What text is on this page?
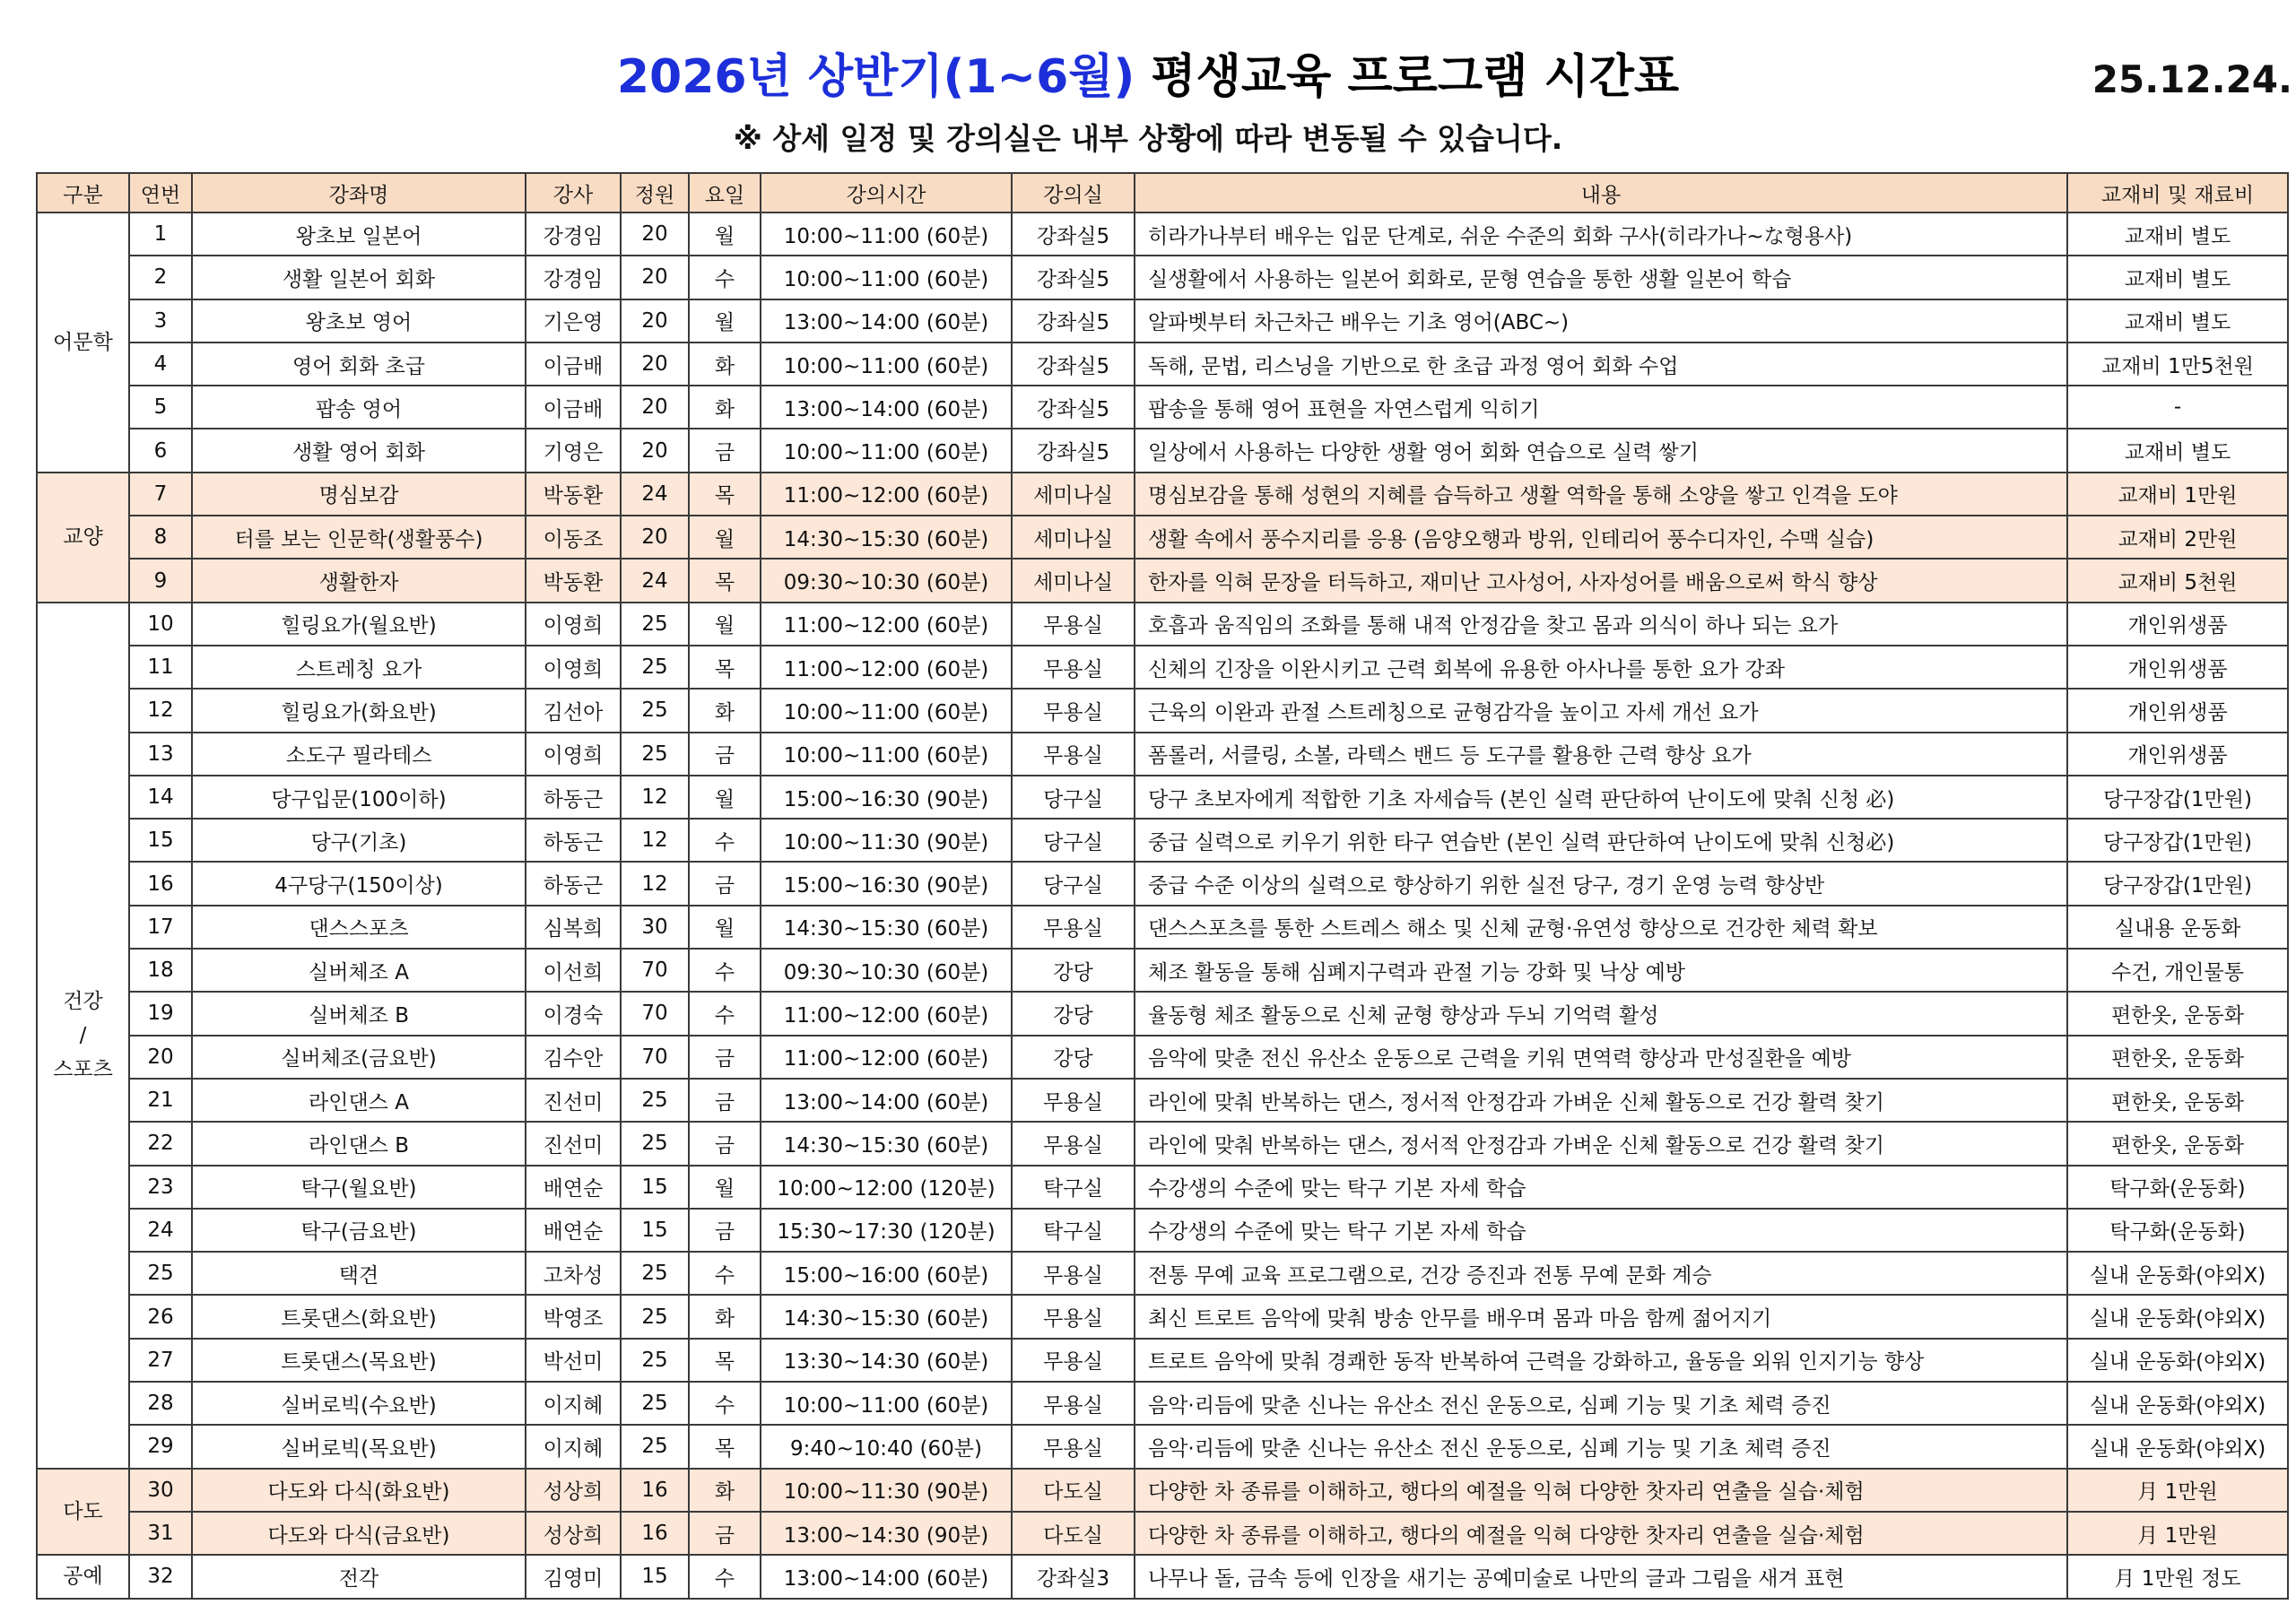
2026년 상반기(1~6월) 평생교육 프로그램 시간표	25.12.24.
※ 상세 일정 및 강의실은 내부 상황에 따라 변동될 수 있습니다.
구분	연번	강좌명	강사	정원	요일	강의시간	강의실	내용	교재비 및 재료비
어문학	1	왕초보 일본어	강경임	20	월	10:00~11:00 (60분)	강좌실5	히라가나부터 배우는 입문 단계로, 쉬운 수준의 회화 구사(히라가나~な형용사)	교재비 별도
	2	생활 일본어 회화	강경임	20	수	10:00~11:00 (60분)	강좌실5	실생활에서 사용하는 일본어 회화로, 문형 연습을 통한 생활 일본어 학습	교재비 별도
	3	왕초보 영어	기은영	20	월	13:00~14:00 (60분)	강좌실5	알파벳부터 차근차근 배우는 기초 영어(ABC~)	교재비 별도
	4	영어 회화 초급	이금배	20	화	10:00~11:00 (60분)	강좌실5	독해, 문법, 리스닝을 기반으로 한 초급 과정 영어 회화 수업	교재비 1만5천원
	5	팝송 영어	이금배	20	화	13:00~14:00 (60분)	강좌실5	팝송을 통해 영어 표현을 자연스럽게 익히기	-
	6	생활 영어 회화	기영은	20	금	10:00~11:00 (60분)	강좌실5	일상에서 사용하는 다양한 생활 영어 회화 연습으로 실력 쌓기	교재비 별도
교양	7	명심보감	박동환	24	목	11:00~12:00 (60분)	세미나실	명심보감을 통해 성현의 지혜를 습득하고 생활 역학을 통해 소양을 쌓고 인격을 도야	교재비 1만원
	8	터를 보는 인문학(생활풍수)	이동조	20	월	14:30~15:30 (60분)	세미나실	생활 속에서 풍수지리를 응용 (음양오행과 방위, 인테리어 풍수디자인, 수맥 실습)	교재비 2만원
	9	생활한자	박동환	24	목	09:30~10:30 (60분)	세미나실	한자를 익혀 문장을 터득하고, 재미난 고사성어, 사자성어를 배움으로써 학식 향상	교재비 5천원
건강
/
스포츠	10	힐링요가(월요반)	이영희	25	월	11:00~12:00 (60분)	무용실	호흡과 움직임의 조화를 통해 내적 안정감을 찾고 몸과 의식이 하나 되는 요가	개인위생품
	11	스트레칭 요가	이영희	25	목	11:00~12:00 (60분)	무용실	신체의 긴장을 이완시키고 근력 회복에 유용한 아사나를 통한 요가 강좌	개인위생품
	12	힐링요가(화요반)	김선아	25	화	10:00~11:00 (60분)	무용실	근육의 이완과 관절 스트레칭으로 균형감각을 높이고 자세 개선 요가	개인위생품
	13	소도구 필라테스	이영희	25	금	10:00~11:00 (60분)	무용실	폼롤러, 서클링, 소볼, 라텍스 밴드 등 도구를 활용한 근력 향상 요가	개인위생품
	14	당구입문(100이하)	하동근	12	월	15:00~16:30 (90분)	당구실	당구 초보자에게 적합한 기초 자세습득 (본인 실력 판단하여 난이도에 맞춰 신청 必)	당구장갑(1만원)
	15	당구(기초)	하동근	12	수	10:00~11:30 (90분)	당구실	중급 실력으로 키우기 위한 타구 연습반 (본인 실력 판단하여 난이도에 맞춰 신청必)	당구장갑(1만원)
	16	4구당구(150이상)	하동근	12	금	15:00~16:30 (90분)	당구실	중급 수준 이상의 실력으로 향상하기 위한 실전 당구, 경기 운영 능력 향상반	당구장갑(1만원)
	17	댄스스포츠	심복희	30	월	14:30~15:30 (60분)	무용실	댄스스포츠를 통한 스트레스 해소 및 신체 균형·유연성 향상으로 건강한 체력 확보	실내용 운동화
	18	실버체조 A	이선희	70	수	09:30~10:30 (60분)	강당	체조 활동을 통해 심폐지구력과 관절 기능 강화 및 낙상 예방	수건, 개인물통
	19	실버체조 B	이경숙	70	수	11:00~12:00 (60분)	강당	율동형 체조 활동으로 신체 균형 향상과 두뇌 기억력 활성	편한옷, 운동화
	20	실버체조(금요반)	김수안	70	금	11:00~12:00 (60분)	강당	음악에 맞춘 전신 유산소 운동으로 근력을 키워 면역력 향상과 만성질환을 예방	편한옷, 운동화
	21	라인댄스 A	진선미	25	금	13:00~14:00 (60분)	무용실	라인에 맞춰 반복하는 댄스, 정서적 안정감과 가벼운 신체 활동으로 건강 활력 찾기	편한옷, 운동화
	22	라인댄스 B	진선미	25	금	14:30~15:30 (60분)	무용실	라인에 맞춰 반복하는 댄스, 정서적 안정감과 가벼운 신체 활동으로 건강 활력 찾기	편한옷, 운동화
	23	탁구(월요반)	배연순	15	월	10:00~12:00 (120분)	탁구실	수강생의 수준에 맞는 탁구 기본 자세 학습	탁구화(운동화)
	24	탁구(금요반)	배연순	15	금	15:30~17:30 (120분)	탁구실	수강생의 수준에 맞는 탁구 기본 자세 학습	탁구화(운동화)
	25	택견	고차성	25	수	15:00~16:00 (60분)	무용실	전통 무예 교육 프로그램으로, 건강 증진과 전통 무예 문화 계승	실내 운동화(야외X)
	26	트롯댄스(화요반)	박영조	25	화	14:30~15:30 (60분)	무용실	최신 트로트 음악에 맞춰 방송 안무를 배우며 몸과 마음 함께 젊어지기	실내 운동화(야외X)
	27	트롯댄스(목요반)	박선미	25	목	13:30~14:30 (60분)	무용실	트로트 음악에 맞춰 경쾌한 동작 반복하여 근력을 강화하고, 율동을 외워 인지기능 향상	실내 운동화(야외X)
	28	실버로빅(수요반)	이지혜	25	수	10:00~11:00 (60분)	무용실	음악·리듬에 맞춘 신나는 유산소 전신 운동으로, 심폐 기능 및 기초 체력 증진	실내 운동화(야외X)
	29	실버로빅(목요반)	이지혜	25	목	9:40~10:40 (60분)	무용실	음악·리듬에 맞춘 신나는 유산소 전신 운동으로, 심폐 기능 및 기초 체력 증진	실내 운동화(야외X)
다도	30	다도와 다식(화요반)	성상희	16	화	10:00~11:30 (90분)	다도실	다양한 차 종류를 이해하고, 행다의 예절을 익혀 다양한 찻자리 연출을 실습·체험	月 1만원
	31	다도와 다식(금요반)	성상희	16	금	13:00~14:30 (90분)	다도실	다양한 차 종류를 이해하고, 행다의 예절을 익혀 다양한 찻자리 연출을 실습·체험	月 1만원
공예	32	전각	김영미	15	수	13:00~14:00 (60분)	강좌실3	나무나 돌, 금속 등에 인장을 새기는 공예미술로 나만의 글과 그림을 새겨 표현	月 1만원 정도
